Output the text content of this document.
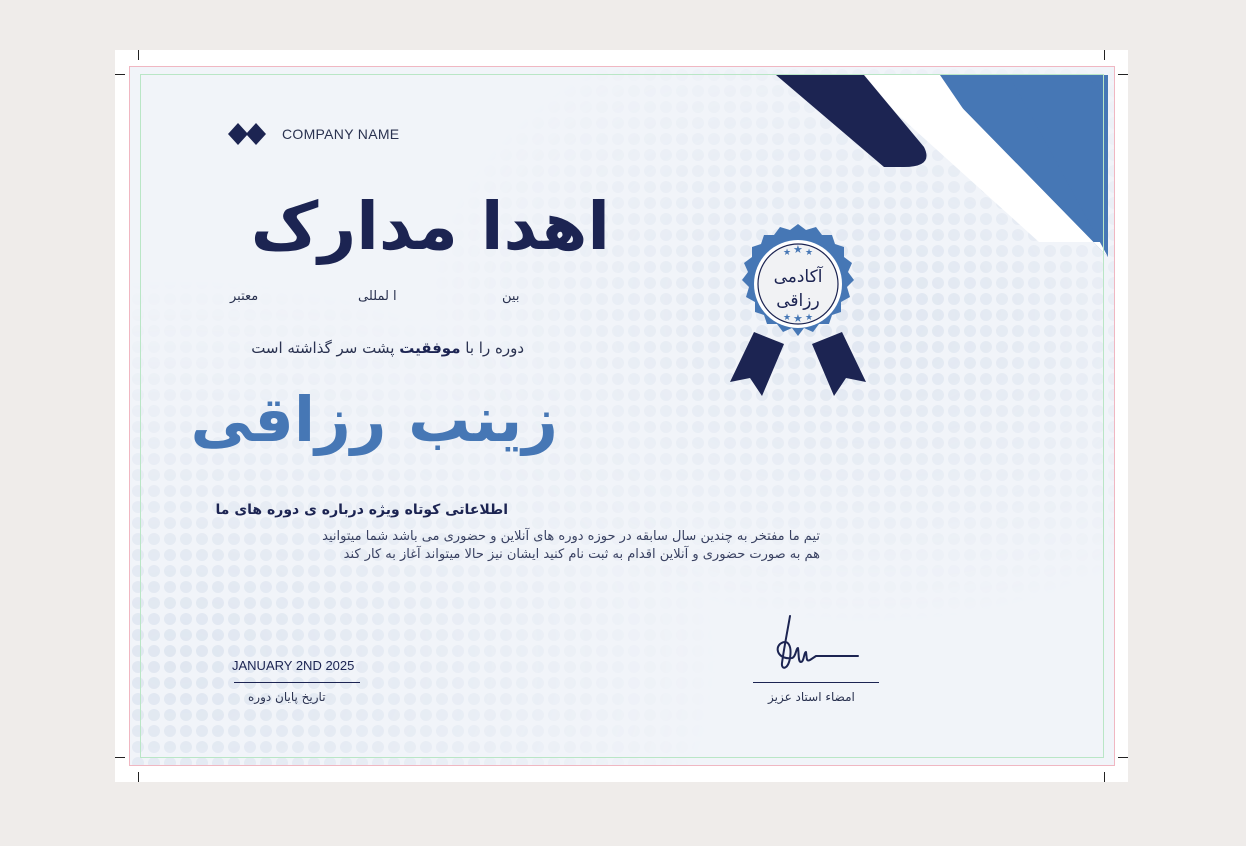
COMPANY NAME
اهدا مدارک
بین
ا لمللی
معتبر
دوره را با موفقیت پشت سر گذاشته است
زینب رزاقی
★ ★ ★
★ ★ ★
آکادمی
رزاقی
اطلاعاتی کوتاه ویژه درباره ی دوره های ما
تیم ما مفتخر به چندین سال سابقه در حوزه دوره های آنلاین و حضوری می باشد شما میتوانید
هم به صورت حضوری و آنلاین اقدام به ثبت نام کنید ایشان نیز حالا میتواند آغاز به کار کند
JANUARY 2ND 2025
تاریخ پایان دوره	امضاء استاد عزیز
